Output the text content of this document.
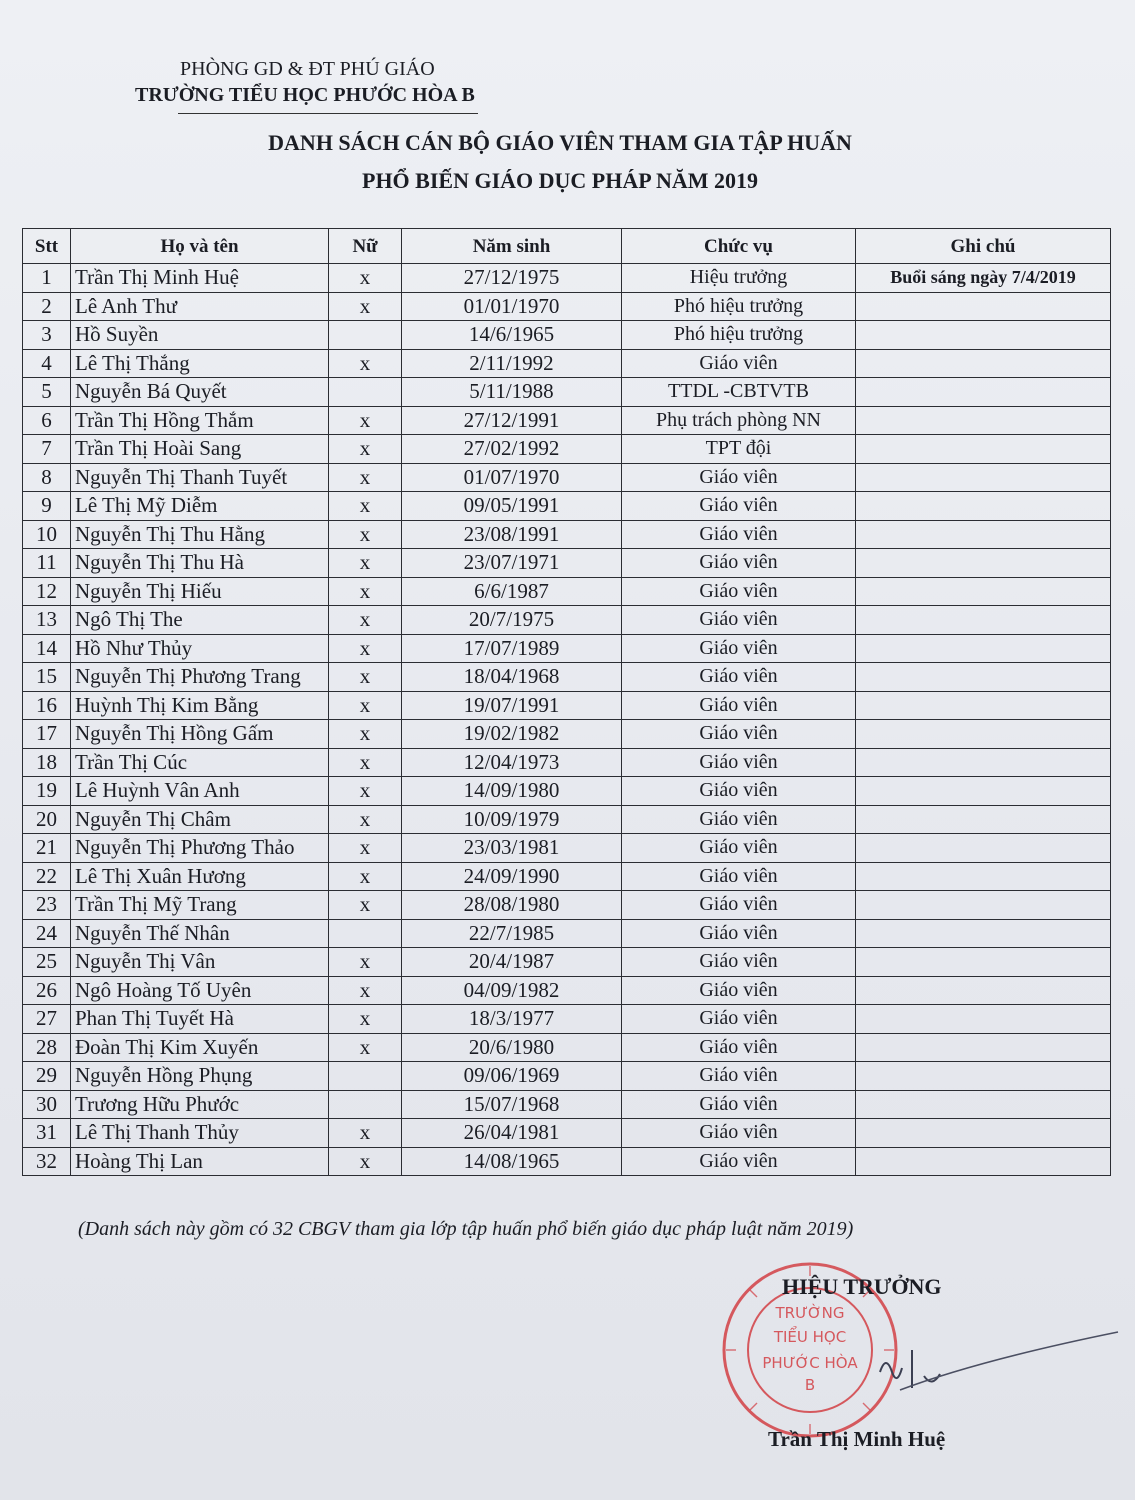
PHÒNG GD & ĐT PHÚ GIÁO
TRƯỜNG TIỂU HỌC PHƯỚC HÒA B
DANH SÁCH CÁN BỘ GIÁO VIÊN THAM GIA TẬP HUẤN
PHỔ BIẾN GIÁO DỤC PHÁP NĂM 2019
Stt	Họ và tên	Nữ	Năm sinh	Chức vụ	Ghi chú
1	Trần Thị Minh Huệ	x	27/12/1975	Hiệu trưởng	Buổi sáng ngày 7/4/2019
2	Lê Anh Thư	x	01/01/1970	Phó hiệu trưởng	
3	Hồ Suyền		14/6/1965	Phó hiệu trưởng	
4	Lê Thị Thắng	x	2/11/1992	Giáo viên	
5	Nguyễn Bá Quyết		5/11/1988	TTDL -CBTVTB	
6	Trần Thị Hồng Thắm	x	27/12/1991	Phụ trách phòng NN	
7	Trần Thị Hoài Sang	x	27/02/1992	TPT đội	
8	Nguyễn Thị Thanh Tuyết	x	01/07/1970	Giáo viên	
9	Lê Thị Mỹ Diễm	x	09/05/1991	Giáo viên	
10	Nguyễn Thị Thu Hằng	x	23/08/1991	Giáo viên	
11	Nguyễn Thị Thu Hà	x	23/07/1971	Giáo viên	
12	Nguyễn Thị Hiếu	x	6/6/1987	Giáo viên	
13	Ngô Thị The	x	20/7/1975	Giáo viên	
14	Hồ Như Thủy	x	17/07/1989	Giáo viên	
15	Nguyễn Thị Phương Trang	x	18/04/1968	Giáo viên	
16	Huỳnh Thị Kim Bằng	x	19/07/1991	Giáo viên	
17	Nguyễn Thị Hồng Gấm	x	19/02/1982	Giáo viên	
18	Trần Thị Cúc	x	12/04/1973	Giáo viên	
19	Lê Huỳnh Vân Anh	x	14/09/1980	Giáo viên	
20	Nguyễn Thị Châm	x	10/09/1979	Giáo viên	
21	Nguyễn Thị Phương Thảo	x	23/03/1981	Giáo viên	
22	Lê Thị Xuân Hương	x	24/09/1990	Giáo viên	
23	Trần Thị Mỹ Trang	x	28/08/1980	Giáo viên	
24	Nguyễn Thế Nhân		22/7/1985	Giáo viên	
25	Nguyễn Thị Vân	x	20/4/1987	Giáo viên	
26	Ngô Hoàng Tố Uyên	x	04/09/1982	Giáo viên	
27	Phan Thị Tuyết Hà	x	18/3/1977	Giáo viên	
28	Đoàn Thị Kim Xuyến	x	20/6/1980	Giáo viên	
29	Nguyễn Hồng Phụng		09/06/1969	Giáo viên	
30	Trương Hữu Phước		15/07/1968	Giáo viên	
31	Lê Thị Thanh Thủy	x	26/04/1981	Giáo viên	
32	Hoàng Thị Lan	x	14/08/1965	Giáo viên	
(Danh sách này gồm có 32 CBGV tham gia lớp tập huấn phổ biến giáo dục pháp luật năm 2019)
TRƯỜNG
TIỂU HỌC
PHƯỚC HÒA
B
HIỆU TRƯỞNG
Trần Thị Minh Huệ
